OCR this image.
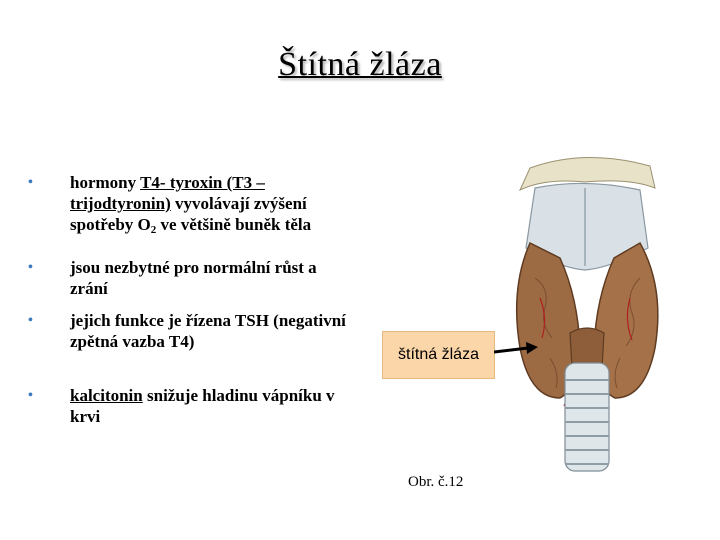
Štítná žláza
• hormony T4- tyroxin (T3 – trijodtyronin) vyvolávají zvýšení spotřeby $O_2$ ve většině buněk těla
• jsou nezbytné pro normální růst a zrání
• jejich funkce je řízena TSH (negativní zpětná vazba T4)
• kalcitonin snižuje hladinu vápníku v krvi
štítná žláza
Obr. č.12
